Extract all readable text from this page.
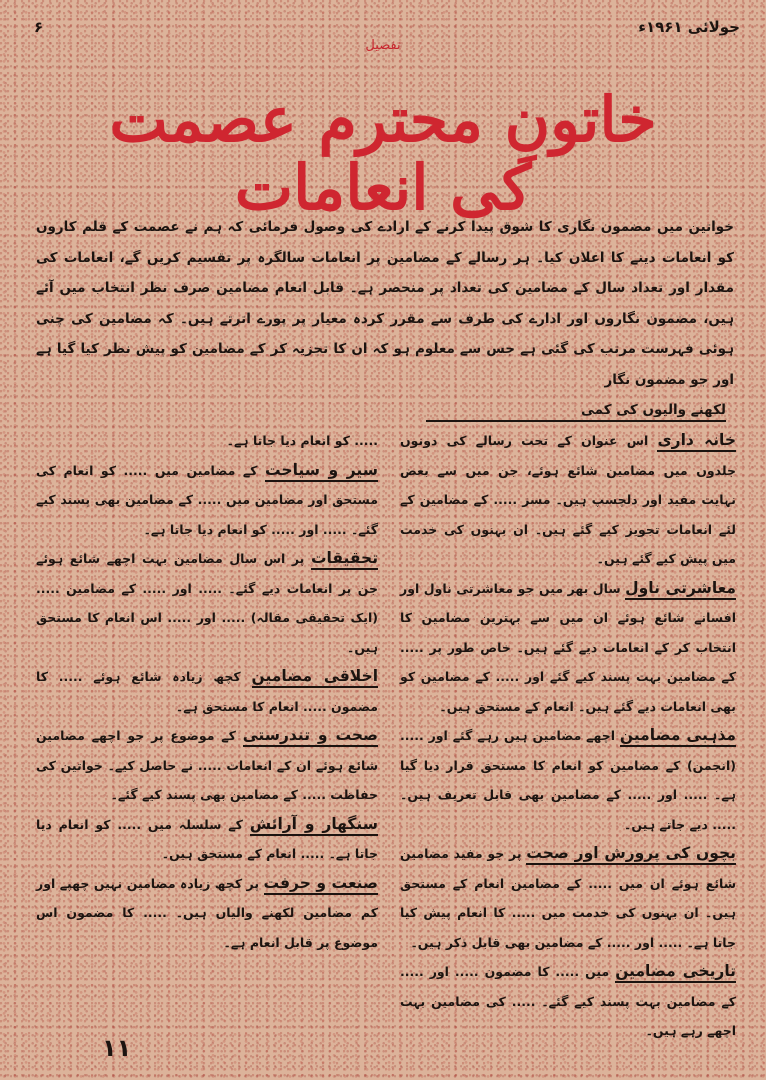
جولائی ۱۹۶۱ء
۶
تفصیل
خاتونِ محترم عصمت کی انعامات
خواتین میں مضمون نگاری کا شوق پیدا کرنے کے ارادے کی وصول فرمائی کہ ہم نے عصمت کے قلم کاروں کو انعامات دینے کا اعلان کیا۔ ہر رسالے کے مضامین پر انعامات سالگرہ پر تقسیم کریں گے، انعامات کی مقدار اور تعداد سال کے مضامین کی تعداد پر منحصر ہے۔ قابل انعام مضامین صرف نظر انتخاب میں آئے ہیں، مضمون نگاروں اور ادارے کی طرف سے مقرر کردہ معیار پر پورے اترتے ہیں۔ کہ مضامین کی چنی ہوئی فہرست مرتب کی گئی ہے جس سے معلوم ہو کہ ان کا تجزیہ کر کے مضامین کو پیش نظر کیا گیا ہے اور جو مضمون نگار
لکھنے والیوں کی کمی

خانہ داری اس عنوان کے تحت رسالے کی دونوں جلدوں میں مضامین شائع ہوئے، جن میں سے بعض نہایت مفید اور دلچسپ ہیں۔ مسز ..... کے مضامین کے لئے انعامات تجویز کیے گئے ہیں۔ ان بہنوں کی خدمت میں پیش کیے گئے ہیں۔

معاشرتی ناول سال بھر میں جو معاشرتی ناول اور افسانے شائع ہوئے ان میں سے بہترین مضامین کا انتخاب کر کے انعامات دیے گئے ہیں۔ خاص طور پر ..... کے مضامین بہت پسند کیے گئے اور ..... کے مضامین کو بھی انعامات دیے گئے ہیں۔ انعام کے مستحق ہیں۔

مذہبی مضامین اچھے مضامین ہیں رہے گئے اور ..... (انجمن) کے مضامین کو انعام کا مستحق قرار دیا گیا ہے۔ ..... اور ..... کے مضامین بھی قابل تعریف ہیں۔ ..... دیے جاتے ہیں۔

بچوں کی پرورش اور صحت پر جو مفید مضامین شائع ہوئے ان میں ..... کے مضامین انعام کے مستحق ہیں۔ ان بہنوں کی خدمت میں ..... کا انعام پیش کیا جاتا ہے۔ ..... اور ..... کے مضامین بھی قابل ذکر ہیں۔

تاریخی مضامین میں ..... کا مضمون ..... اور ..... کے مضامین بہت پسند کیے گئے۔ ..... کی مضامین بہت اچھے رہے ہیں۔

..... کو انعام دیا جاتا ہے۔

سیر و سیاحت کے مضامین میں ..... کو انعام کی مستحق اور مضامین میں ..... کے مضامین بھی پسند کیے گئے۔ ..... اور ..... کو انعام دیا جاتا ہے۔

تحقیقات پر اس سال مضامین بہت اچھے شائع ہوئے جن پر انعامات دیے گئے۔ ..... اور ..... کے مضامین ..... (ایک تحقیقی مقالہ) ..... اور ..... اس انعام کا مستحق ہیں۔

اخلاقی مضامین کچھ زیادہ شائع ہوئے ..... کا مضمون ..... انعام کا مستحق ہے۔

صحت و تندرستی کے موضوع پر جو اچھے مضامین شائع ہوئے ان کے انعامات ..... نے حاصل کیے۔ خواتین کی حفاظت ..... کے مضامین بھی پسند کیے گئے۔

سنگھار و آرائش کے سلسلہ میں ..... کو انعام دیا جاتا ہے۔ ..... انعام کے مستحق ہیں۔

صنعت و حرفت پر کچھ زیادہ مضامین نہیں چھپے اور کم مضامین لکھنے والیاں ہیں۔ ..... کا مضمون اس موضوع پر قابل انعام ہے۔

۱۱
